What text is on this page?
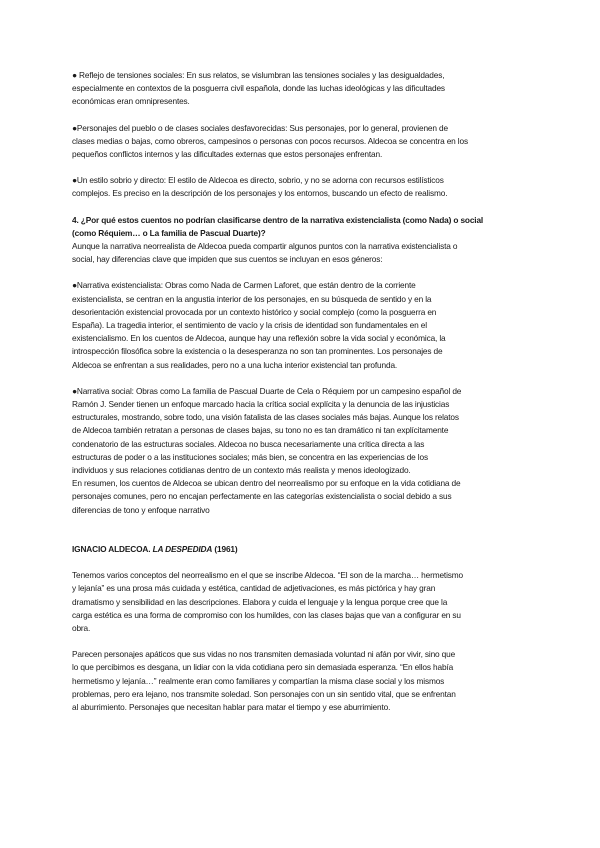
● Reflejo de tensiones sociales: En sus relatos, se vislumbran las tensiones sociales y las desigualdades,
especialmente en contextos de la posguerra civil española, donde las luchas ideológicas y las dificultades
económicas eran omnipresentes.

●Personajes del pueblo o de clases sociales desfavorecidas: Sus personajes, por lo general, provienen de
clases medias o bajas, como obreros, campesinos o personas con pocos recursos. Aldecoa se concentra en los
pequeños conflictos internos y las dificultades externas que estos personajes enfrentan.

●Un estilo sobrio y directo: El estilo de Aldecoa es directo, sobrio, y no se adorna con recursos estilísticos
complejos. Es preciso en la descripción de los personajes y los entornos, buscando un efecto de realismo.

4. ¿Por qué estos cuentos no podrían clasificarse dentro de la narrativa existencialista (como Nada) o social
(como Réquiem… o La familia de Pascual Duarte)?

Aunque la narrativa neorrealista de Aldecoa pueda compartir algunos puntos con la narrativa existencialista o
social, hay diferencias clave que impiden que sus cuentos se incluyan en esos géneros:

●Narrativa existencialista: Obras como Nada de Carmen Laforet, que están dentro de la corriente
existencialista, se centran en la angustia interior de los personajes, en su búsqueda de sentido y en la
desorientación existencial provocada por un contexto histórico y social complejo (como la posguerra en
España). La tragedia interior, el sentimiento de vacío y la crisis de identidad son fundamentales en el
existencialismo. En los cuentos de Aldecoa, aunque hay una reflexión sobre la vida social y económica, la
introspección filosófica sobre la existencia o la desesperanza no son tan prominentes. Los personajes de
Aldecoa se enfrentan a sus realidades, pero no a una lucha interior existencial tan profunda.

●Narrativa social: Obras como La familia de Pascual Duarte de Cela o Réquiem por un campesino español de
Ramón J. Sender tienen un enfoque marcado hacia la crítica social explícita y la denuncia de las injusticias
estructurales, mostrando, sobre todo, una visión fatalista de las clases sociales más bajas. Aunque los relatos
de Aldecoa también retratan a personas de clases bajas, su tono no es tan dramático ni tan explícitamente
condenatorio de las estructuras sociales. Aldecoa no busca necesariamente una crítica directa a las
estructuras de poder o a las instituciones sociales; más bien, se concentra en las experiencias de los
individuos y sus relaciones cotidianas dentro de un contexto más realista y menos ideologizado.

En resumen, los cuentos de Aldecoa se ubican dentro del neorrealismo por su enfoque en la vida cotidiana de
personajes comunes, pero no encajan perfectamente en las categorías existencialista o social debido a sus
diferencias de tono y enfoque narrativo

IGNACIO ALDECOA. LA DESPEDIDA (1961)

Tenemos varios conceptos del neorrealismo en el que se inscribe Aldecoa. “El son de la marcha… hermetismo
y lejanía” es una prosa más cuidada y estética, cantidad de adjetivaciones, es más pictórica y hay gran
dramatismo y sensibilidad en las descripciones. Elabora y cuida el lenguaje y la lengua porque cree que la
carga estética es una forma de compromiso con los humildes, con las clases bajas que van a configurar en su
obra.

Parecen personajes apáticos que sus vidas no nos transmiten demasiada voluntad ni afán por vivir, sino que
lo que percibimos es desgana, un lidiar con la vida cotidiana pero sin demasiada esperanza. “En ellos había
hermetismo y lejanía…” realmente eran como familiares y compartían la misma clase social y los mismos
problemas, pero era lejano, nos transmite soledad. Son personajes con un sin sentido vital, que se enfrentan
al aburrimiento. Personajes que necesitan hablar para matar el tiempo y ese aburrimiento.
